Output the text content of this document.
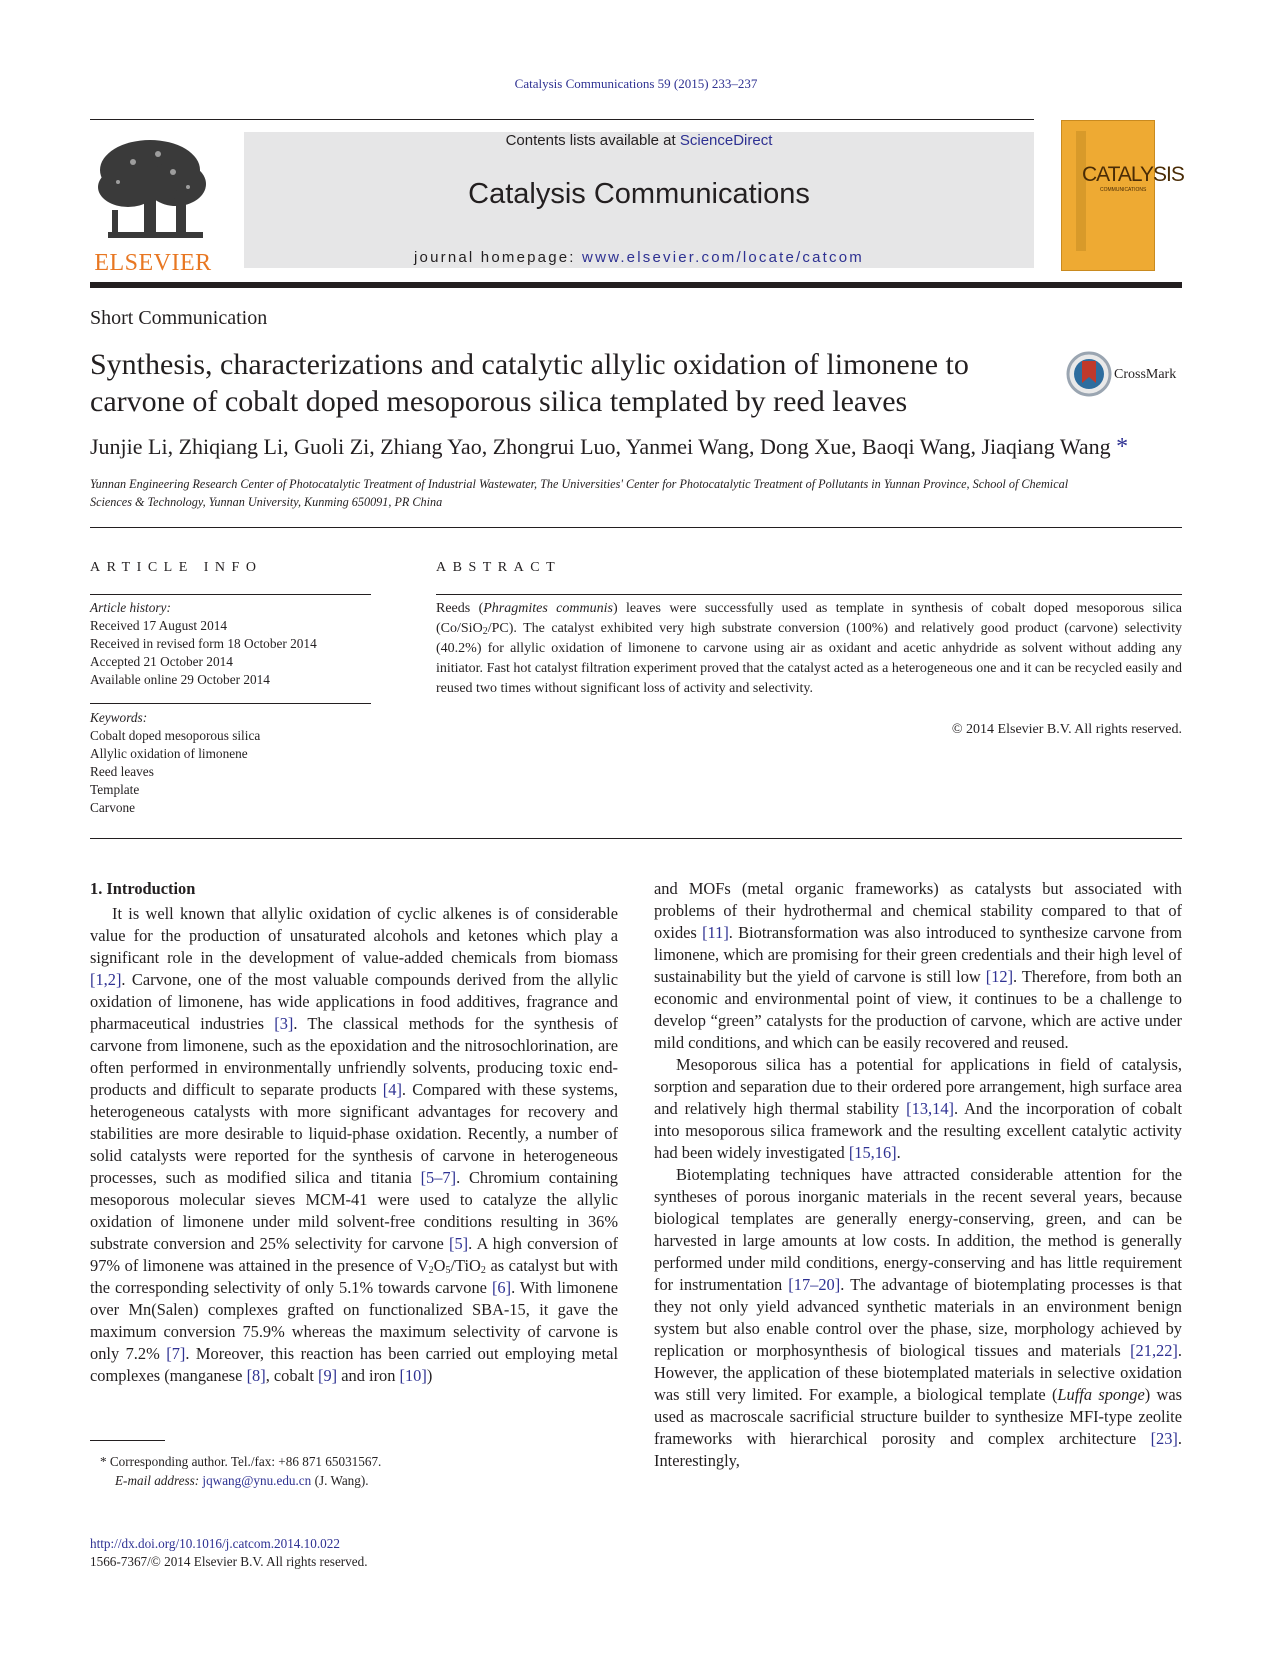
Catalysis Communications 59 (2015) 233–237
ELSEVIER
Contents lists available at ScienceDirect
Catalysis Communications
journal homepage: www.elsevier.com/locate/catcom
CATALYSIS
COMMUNICATIONS
Short Communication
Synthesis, characterizations and catalytic allylic oxidation of limonene to
carvone of cobalt doped mesoporous silica templated by reed leaves
CrossMark
Junjie Li, Zhiqiang Li, Guoli Zi, Zhiang Yao, Zhongrui Luo, Yanmei Wang, Dong Xue, Baoqi Wang, Jiaqiang Wang *
Yunnan Engineering Research Center of Photocatalytic Treatment of Industrial Wastewater, The Universities' Center for Photocatalytic Treatment of Pollutants in Yunnan Province, School of Chemical
Sciences & Technology, Yunnan University, Kunming 650091, PR China
ARTICLE INFO	ABSTRACT
Article history:
Received 17 August 2014
Received in revised form 18 October 2014
Accepted 21 October 2014
Available online 29 October 2014
Keywords:
Cobalt doped mesoporous silica
Allylic oxidation of limonene
Reed leaves
Template
Carvone
Reeds (Phragmites communis) leaves were successfully used as template in synthesis of cobalt doped mesoporous silica (Co/SiO$_2$/PC). The catalyst exhibited very high substrate conversion (100%) and relatively good product (carvone) selectivity (40.2%) for allylic oxidation of limonene to carvone using air as oxidant and acetic anhydride as solvent without adding any initiator. Fast hot catalyst filtration experiment proved that the catalyst acted as a heterogeneous one and it can be recycled easily and reused two times without significant loss of activity and selectivity.
© 2014 Elsevier B.V. All rights reserved.
1. Introduction

It is well known that allylic oxidation of cyclic alkenes is of considerable value for the production of unsaturated alcohols and ketones which play a significant role in the development of value-added chemicals from biomass [1,2]. Carvone, one of the most valuable compounds derived from the allylic oxidation of limonene, has wide applications in food additives, fragrance and pharmaceutical industries [3]. The classical methods for the synthesis of carvone from limonene, such as the epoxidation and the nitrosochlorination, are often performed in environmentally unfriendly solvents, producing toxic end-products and difficult to separate products [4]. Compared with these systems, heterogeneous catalysts with more significant advantages for recovery and stabilities are more desirable to liquid-phase oxidation. Recently, a number of solid catalysts were reported for the synthesis of carvone in heterogeneous processes, such as modified silica and titania [5–7]. Chromium containing mesoporous molecular sieves MCM-41 were used to catalyze the allylic oxidation of limonene under mild solvent-free conditions resulting in 36% substrate conversion and 25% selectivity for carvone [5]. A high conversion of 97% of limonene was attained in the presence of $V_2O_5/TiO_2$ as catalyst but with the corresponding selectivity of only 5.1% towards carvone [6]. With limonene over Mn(Salen) complexes grafted on functionalized SBA-15, it gave the maximum conversion 75.9% whereas the maximum selectivity of carvone is only 7.2% [7]. Moreover, this reaction has been carried out employing metal complexes (manganese [8], cobalt [9] and iron [10])

and MOFs (metal organic frameworks) as catalysts but associated with problems of their hydrothermal and chemical stability compared to that of oxides [11]. Biotransformation was also introduced to synthesize carvone from limonene, which are promising for their green credentials and their high level of sustainability but the yield of carvone is still low [12]. Therefore, from both an economic and environmental point of view, it continues to be a challenge to develop “green” catalysts for the production of carvone, which are active under mild conditions, and which can be easily recovered and reused.

Mesoporous silica has a potential for applications in field of catalysis, sorption and separation due to their ordered pore arrangement, high surface area and relatively high thermal stability [13,14]. And the incorporation of cobalt into mesoporous silica framework and the resulting excellent catalytic activity had been widely investigated [15,16].

Biotemplating techniques have attracted considerable attention for the syntheses of porous inorganic materials in the recent several years, because biological templates are generally energy-conserving, green, and can be harvested in large amounts at low costs. In addition, the method is generally performed under mild conditions, energy-conserving and has little requirement for instrumentation [17–20]. The advantage of biotemplating processes is that they not only yield advanced synthetic materials in an environment benign system but also enable control over the phase, size, morphology achieved by replication or morphosynthesis of biological tissues and materials [21,22]. However, the application of these biotemplated materials in selective oxidation was still very limited. For example, a biological template (Luffa sponge) was used as macroscale sacrificial structure builder to synthesize MFI-type zeolite frameworks with hierarchical porosity and complex architecture [23]. Interestingly,

* Corresponding author. Tel./fax: +86 871 65031567.
E-mail address: jqwang@ynu.edu.cn (J. Wang).
http://dx.doi.org/10.1016/j.catcom.2014.10.022
1566-7367/© 2014 Elsevier B.V. All rights reserved.
